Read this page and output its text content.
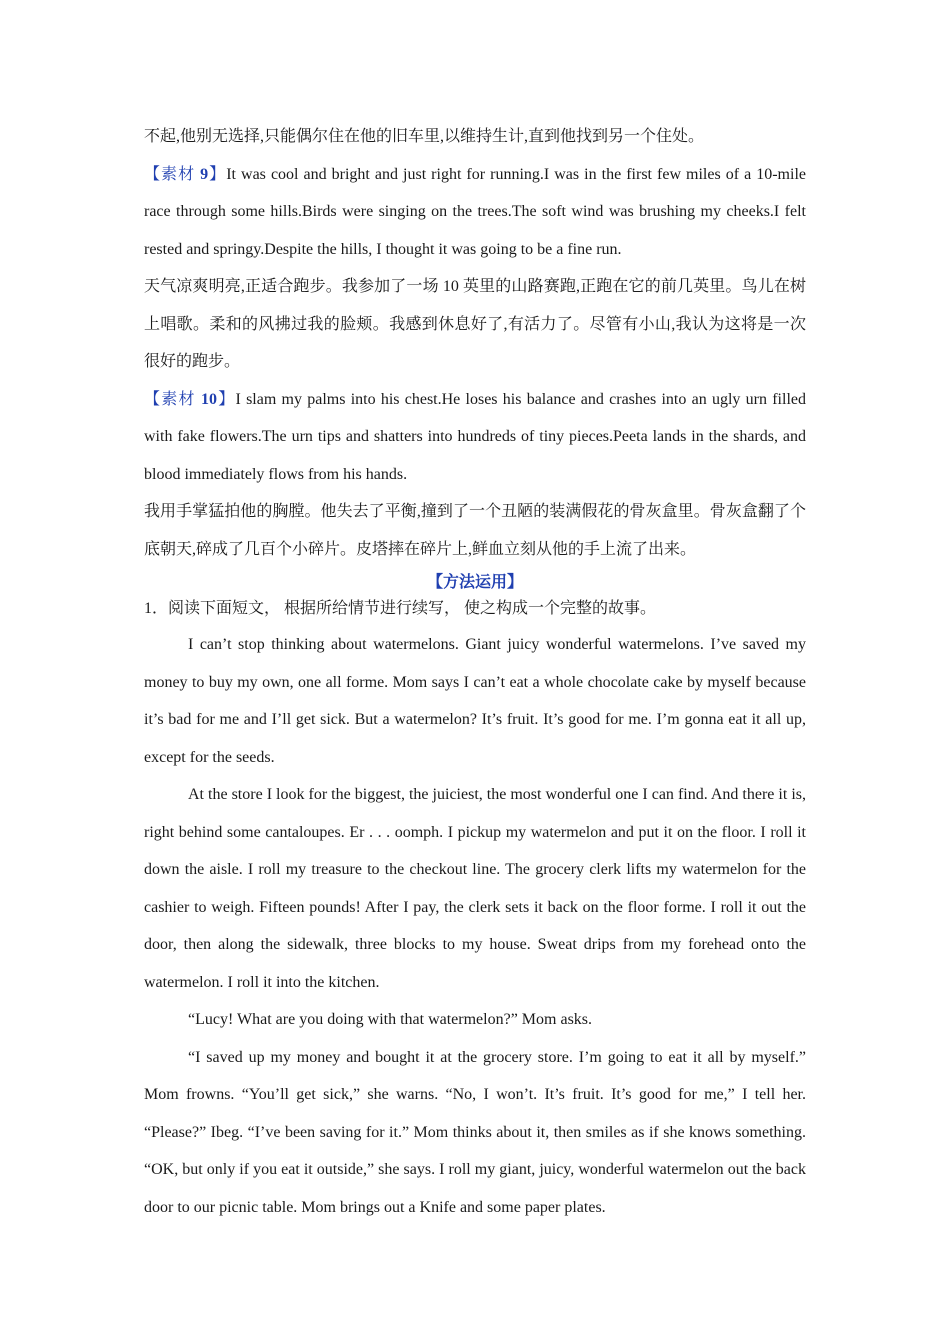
不起,他别无选择,只能偶尔住在他的旧车里,以维持生计,直到他找到另一个住处。

【素材 9】It was cool and bright and just right for running.I was in the first few miles of a 10-mile race through some hills.Birds were singing on the trees.The soft wind was brushing my cheeks.I felt rested and springy.Despite the hills, I thought it was going to be a fine run.

天气凉爽明亮,正适合跑步。我参加了一场 10 英里的山路赛跑,正跑在它的前几英里。鸟儿在树上唱歌。柔和的风拂过我的脸颊。我感到休息好了,有活力了。尽管有小山,我认为这将是一次很好的跑步。

【素材 10】I slam my palms into his chest.He loses his balance and crashes into an ugly urn filled with fake flowers.The urn tips and shatters into hundreds of tiny pieces.Peeta lands in the shards, and blood immediately flows from his hands.

我用手掌猛拍他的胸膛。他失去了平衡,撞到了一个丑陋的装满假花的骨灰盒里。骨灰盒翻了个底朝天,碎成了几百个小碎片。皮塔摔在碎片上,鲜血立刻从他的手上流了出来。

【方法运用】

1．阅读下面短文， 根据所给情节进行续写， 使之构成一个完整的故事。

I can’t stop thinking about watermelons. Giant juicy wonderful watermelons. I’ve saved my money to buy my own, one all forme. Mom says I can’t eat a whole chocolate cake by myself because it’s bad for me and I’ll get sick. But a watermelon? It’s fruit. It’s good for me. I’m gonna eat it all up, except for the seeds.

At the store I look for the biggest, the juiciest, the most wonderful one I can find. And there it is, right behind some cantaloupes. Er . . . oomph. I pickup my watermelon and put it on the floor. I roll it down the aisle. I roll my treasure to the checkout line. The grocery clerk lifts my watermelon for the cashier to weigh. Fifteen pounds! After I pay, the clerk sets it back on the floor forme. I roll it out the door, then along the sidewalk, three blocks to my house. Sweat drips from my forehead onto the watermelon. I roll it into the kitchen.

“Lucy! What are you doing with that watermelon?” Mom asks.

“I saved up my money and bought it at the grocery store. I’m going to eat it all by myself.” Mom frowns. “You’ll get sick,” she warns. “No, I won’t. It’s fruit. It’s good for me,” I tell her. “Please?” Ibeg. “I’ve been saving for it.” Mom thinks about it, then smiles as if she knows something. “OK, but only if you eat it outside,” she says. I roll my giant, juicy, wonderful watermelon out the back door to our picnic table. Mom brings out a Knife and some paper plates.
